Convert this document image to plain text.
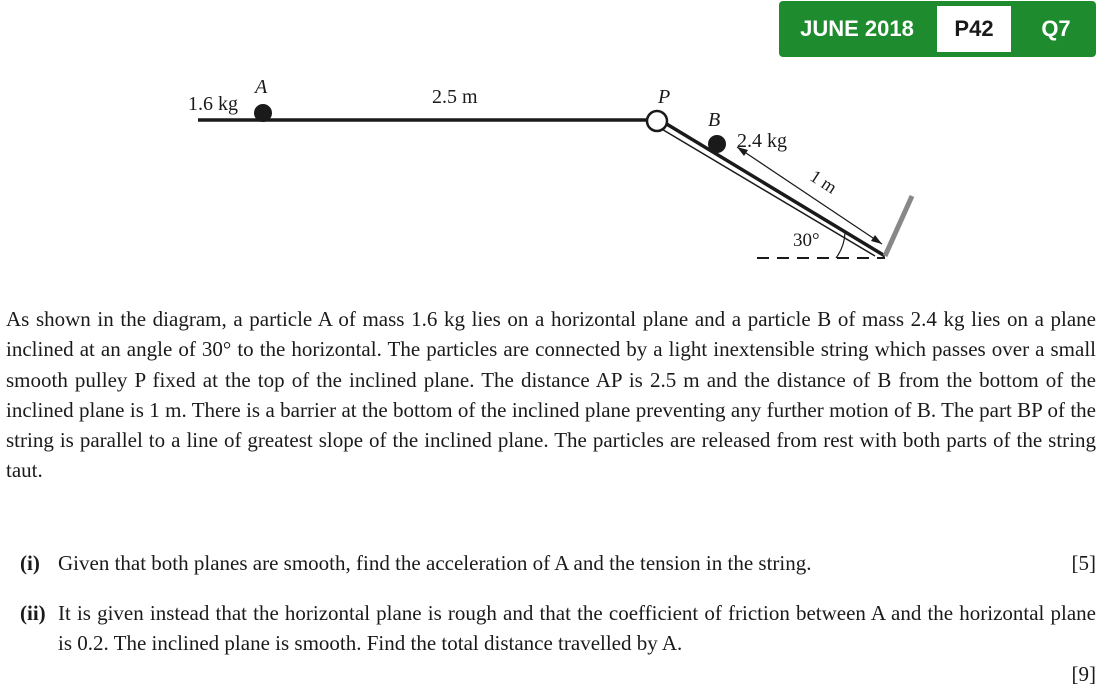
JUNE 2018	P42	Q7
1.6 kg
A	2.5 m	P
B
2.4 kg
1 m
30°
As shown in the diagram, a particle A of mass 1.6 kg lies on a horizontal plane and a particle B of mass 2.4 kg lies on a plane inclined at an angle of 30° to the horizontal. The particles are connected by a light inextensible string which passes over a small smooth pulley P fixed at the top of the inclined plane. The distance AP is 2.5 m and the distance of B from the bottom of the inclined plane is 1 m. There is a barrier at the bottom of the inclined plane preventing any further motion of B. The part BP of the string is parallel to a line of greatest slope of the inclined plane. The particles are released from rest with both parts of the string taut.
(i) Given that both planes are smooth, find the acceleration of A and the tension in the string.	[5]
(ii) It is given instead that the horizontal plane is rough and that the coefficient of friction between A and the horizontal plane is 0.2. The inclined plane is smooth. Find the total distance travelled by A.
[9]
